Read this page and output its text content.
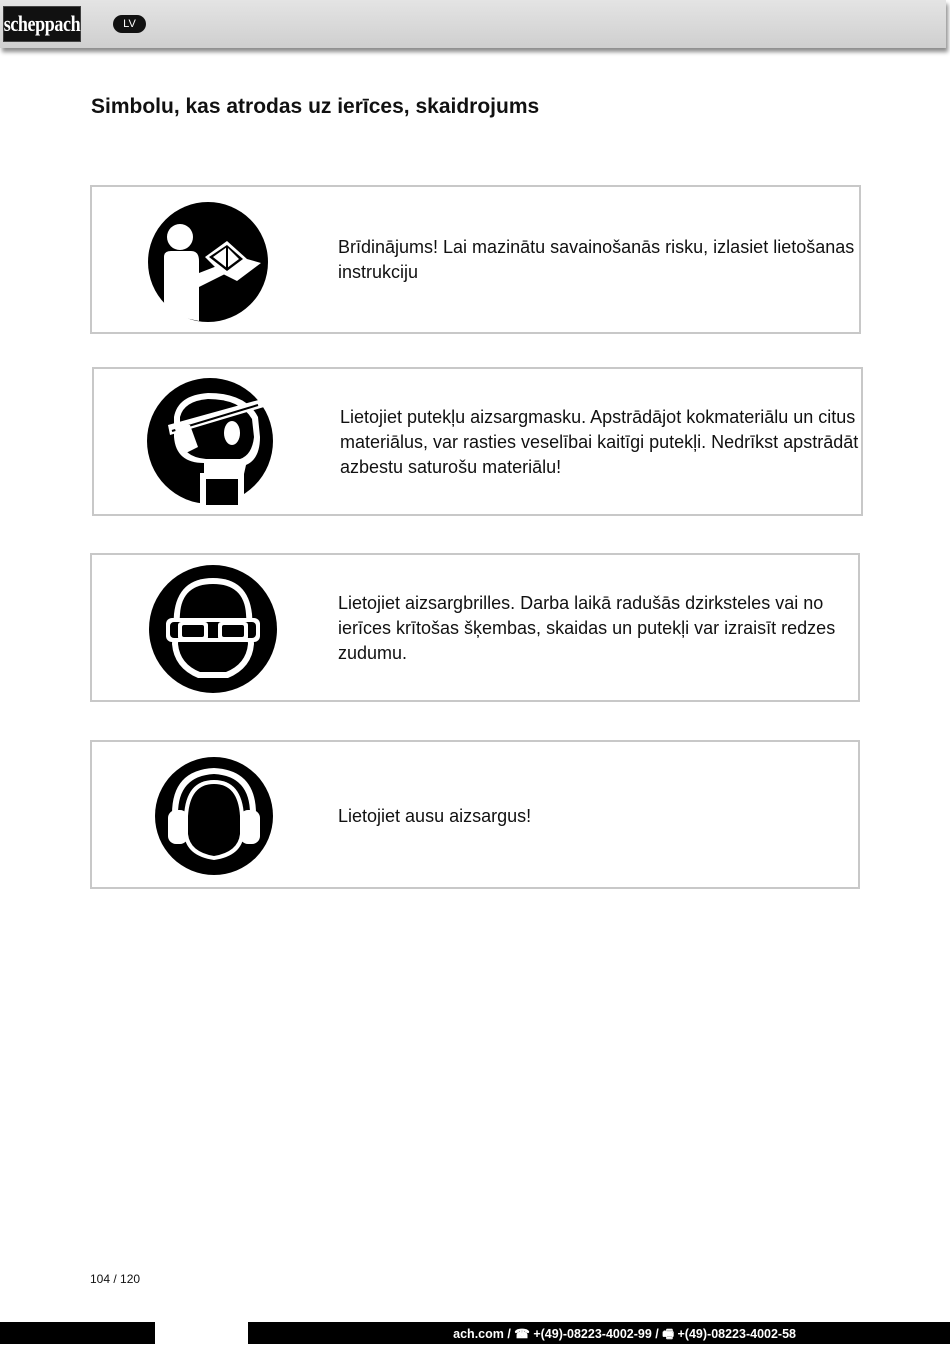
scheppach	LV
Simbolu, kas atrodas uz ierīces, skaidrojums
Brīdinājums! Lai mazinātu savainošanās risku, izlasiet lietošanas instrukciju
Lietojiet putekļu aizsargmasku. Apstrādājot kokmateriālu un citus materiālus, var rasties veselībai kaitīgi putekļi. Nedrīkst apstrādāt azbestu saturošu materiālu!
Lietojiet aizsargbrilles. Darba laikā radušās dzirksteles vai no ierīces krītošas šķembas, skaidas un putekļi var izraisīt redzes zudumu.
Lietojiet ausu aizsargus!
104 / 120
ach.com / ☎ +(49)-08223-4002-99 / 🖷 +(49)-08223-4002-58
